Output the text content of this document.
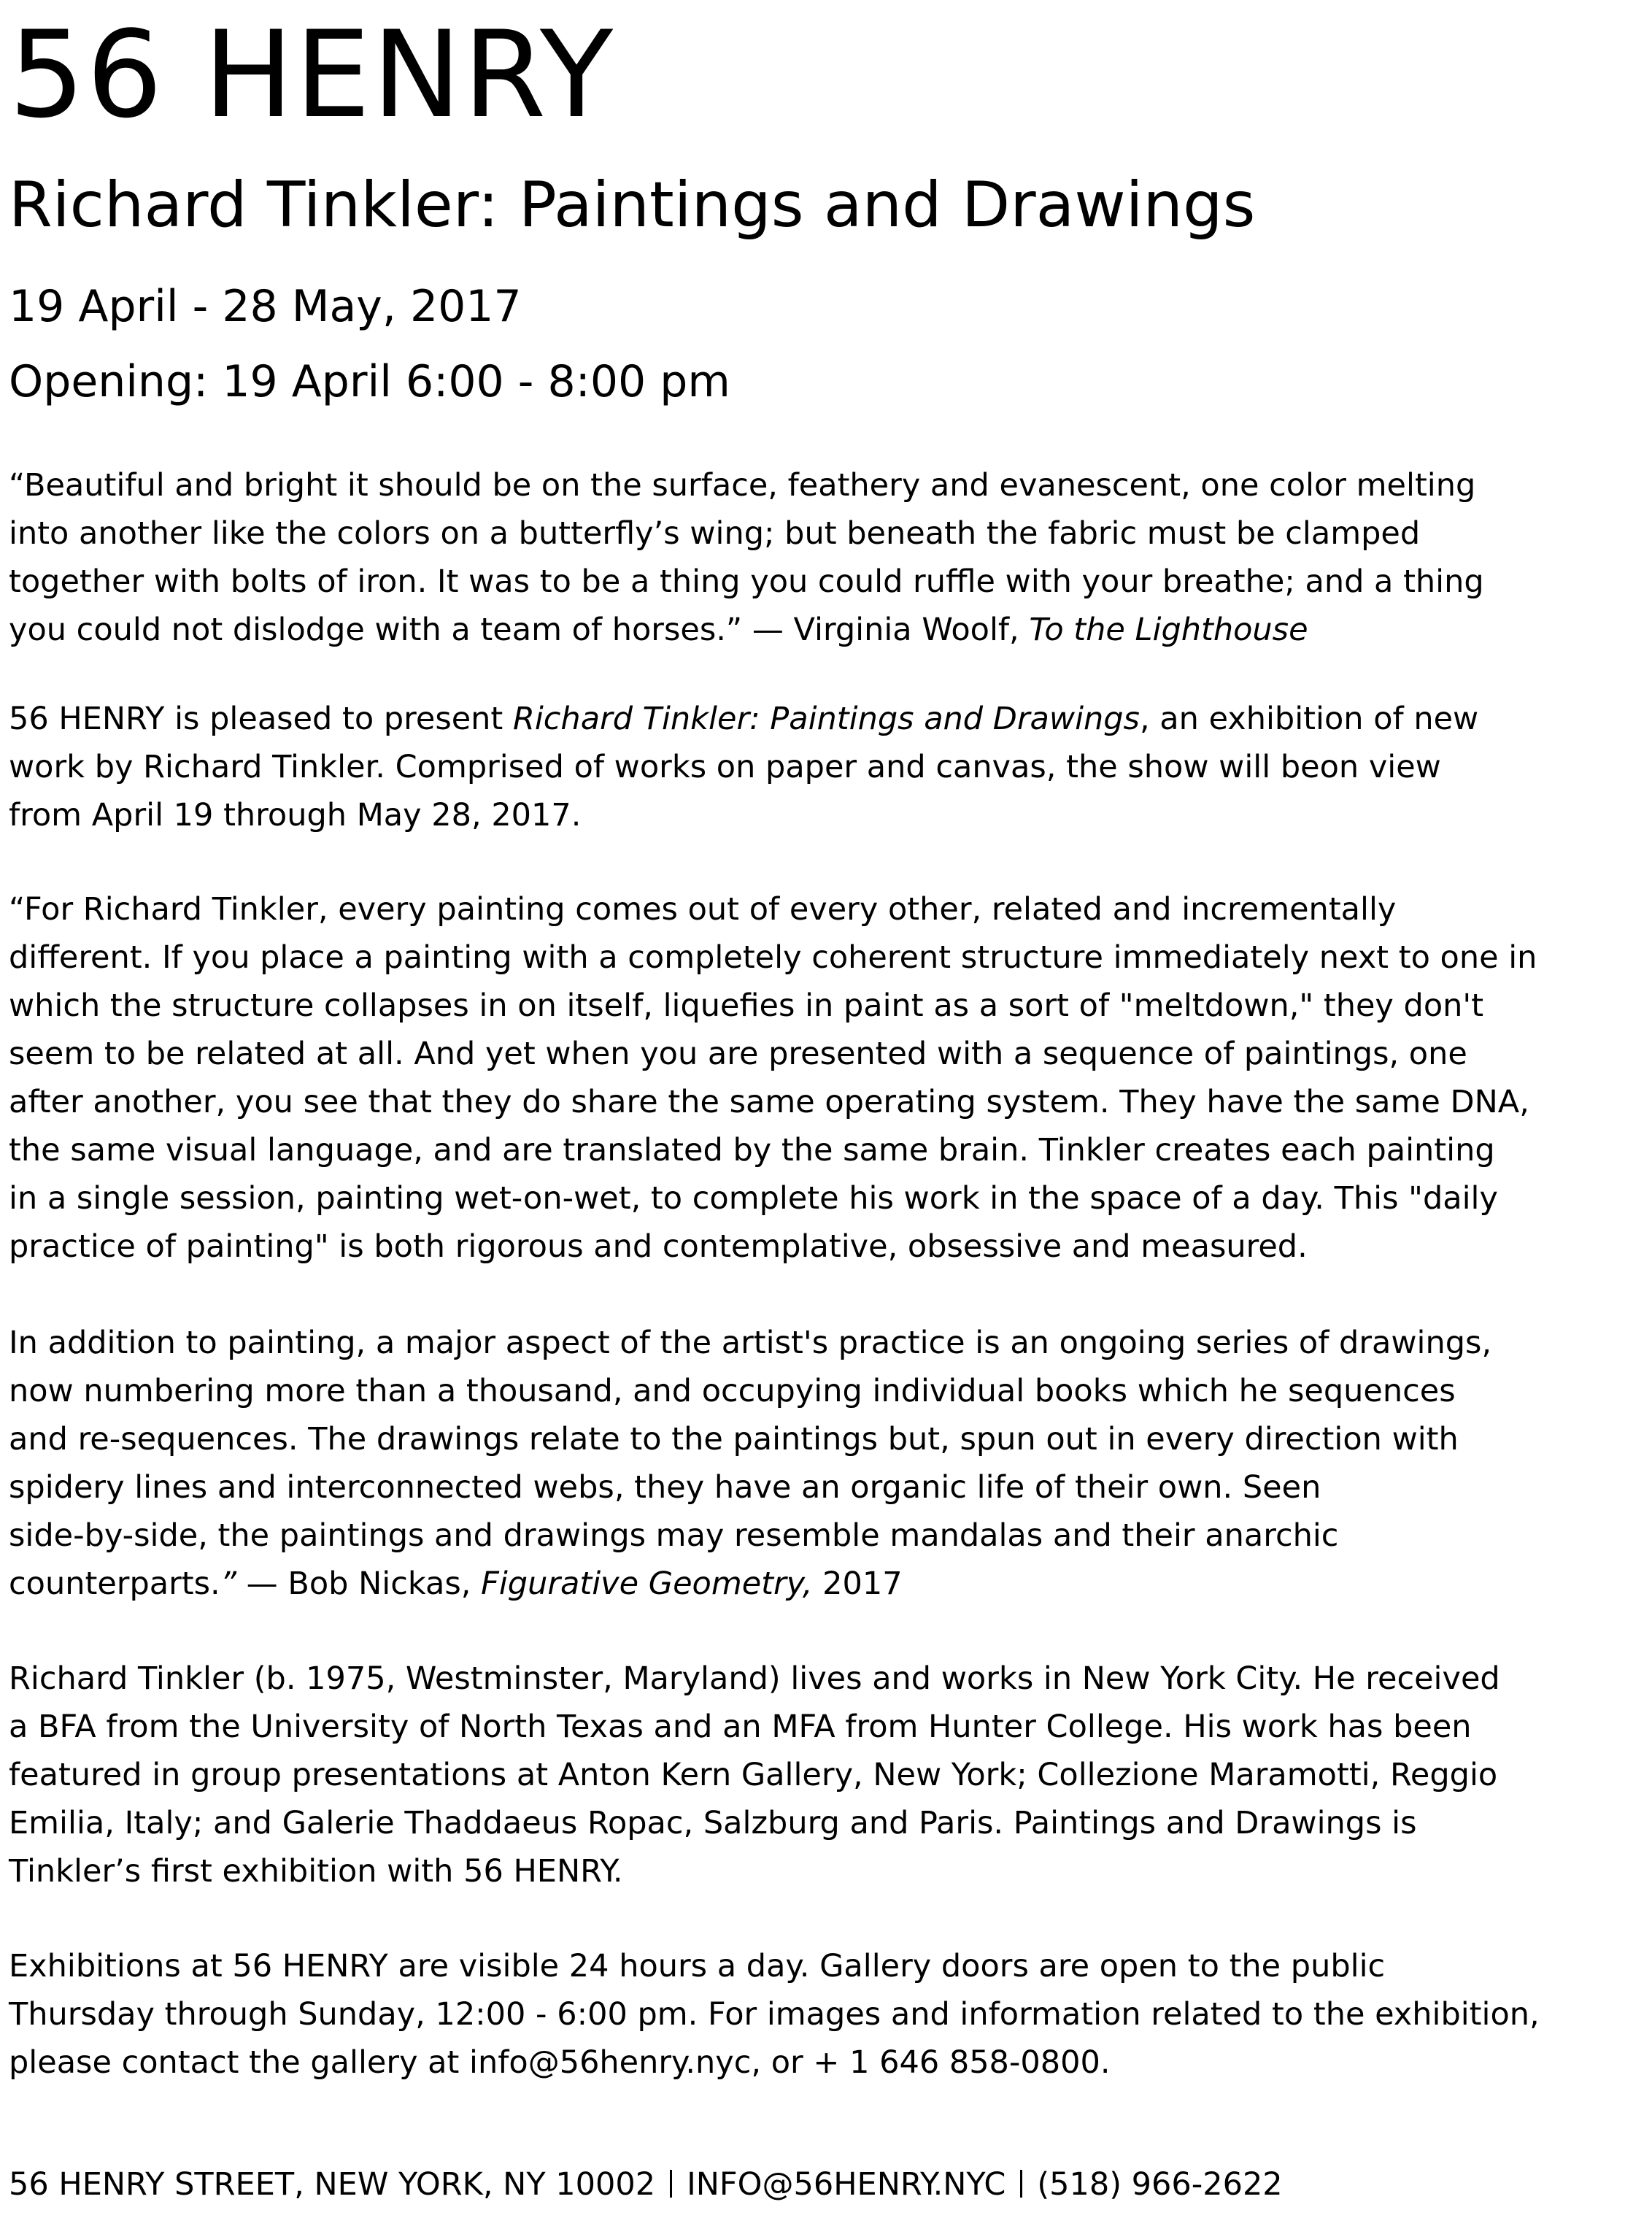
56 HENRY
Richard Tinkler: Paintings and Drawings

19 April - 28 May, 2017

Opening: 19 April 6:00 - 8:00 pm

“Beautiful and bright it should be on the surface, feathery and evanescent, one color melting
into another like the colors on a butterfly’s wing; but beneath the fabric must be clamped
together with bolts of iron. It was to be a thing you could ruffle with your breathe; and a thing
you could not dislodge with a team of horses.” — Virginia Woolf, To the Lighthouse

56 HENRY is pleased to present Richard Tinkler: Paintings and Drawings, an exhibition of new
work by Richard Tinkler. Comprised of works on paper and canvas, the show will beon view
from April 19 through May 28, 2017.

“For Richard Tinkler, every painting comes out of every other, related and incrementally
different. If you place a painting with a completely coherent structure immediately next to one in
which the structure collapses in on itself, liquefies in paint as a sort of "meltdown," they don't
seem to be related at all. And yet when you are presented with a sequence of paintings, one
after another, you see that they do share the same operating system. They have the same DNA,
the same visual language, and are translated by the same brain. Tinkler creates each painting
in a single session, painting wet-on-wet, to complete his work in the space of a day. This "daily
practice of painting" is both rigorous and contemplative, obsessive and measured.

In addition to painting, a major aspect of the artist's practice is an ongoing series of drawings,
now numbering more than a thousand, and occupying individual books which he sequences
and re-sequences. The drawings relate to the paintings but, spun out in every direction with
spidery lines and interconnected webs, they have an organic life of their own. Seen
side-by-side, the paintings and drawings may resemble mandalas and their anarchic
counterparts.” — Bob Nickas, Figurative Geometry, 2017

Richard Tinkler (b. 1975, Westminster, Maryland) lives and works in New York City. He received
a BFA from the University of North Texas and an MFA from Hunter College. His work has been
featured in group presentations at Anton Kern Gallery, New York; Collezione Maramotti, Reggio
Emilia, Italy; and Galerie Thaddaeus Ropac, Salzburg and Paris. Paintings and Drawings is
Tinkler’s first exhibition with 56 HENRY.

Exhibitions at 56 HENRY are visible 24 hours a day. Gallery doors are open to the public
Thursday through Sunday, 12:00 - 6:00 pm. For images and information related to the exhibition,
please contact the gallery at info@56henry.nyc, or + 1 646 858-0800.

56 HENRY STREET, NEW YORK, NY 10002 INFO@56HENRY.NYC (518) 966-2622
